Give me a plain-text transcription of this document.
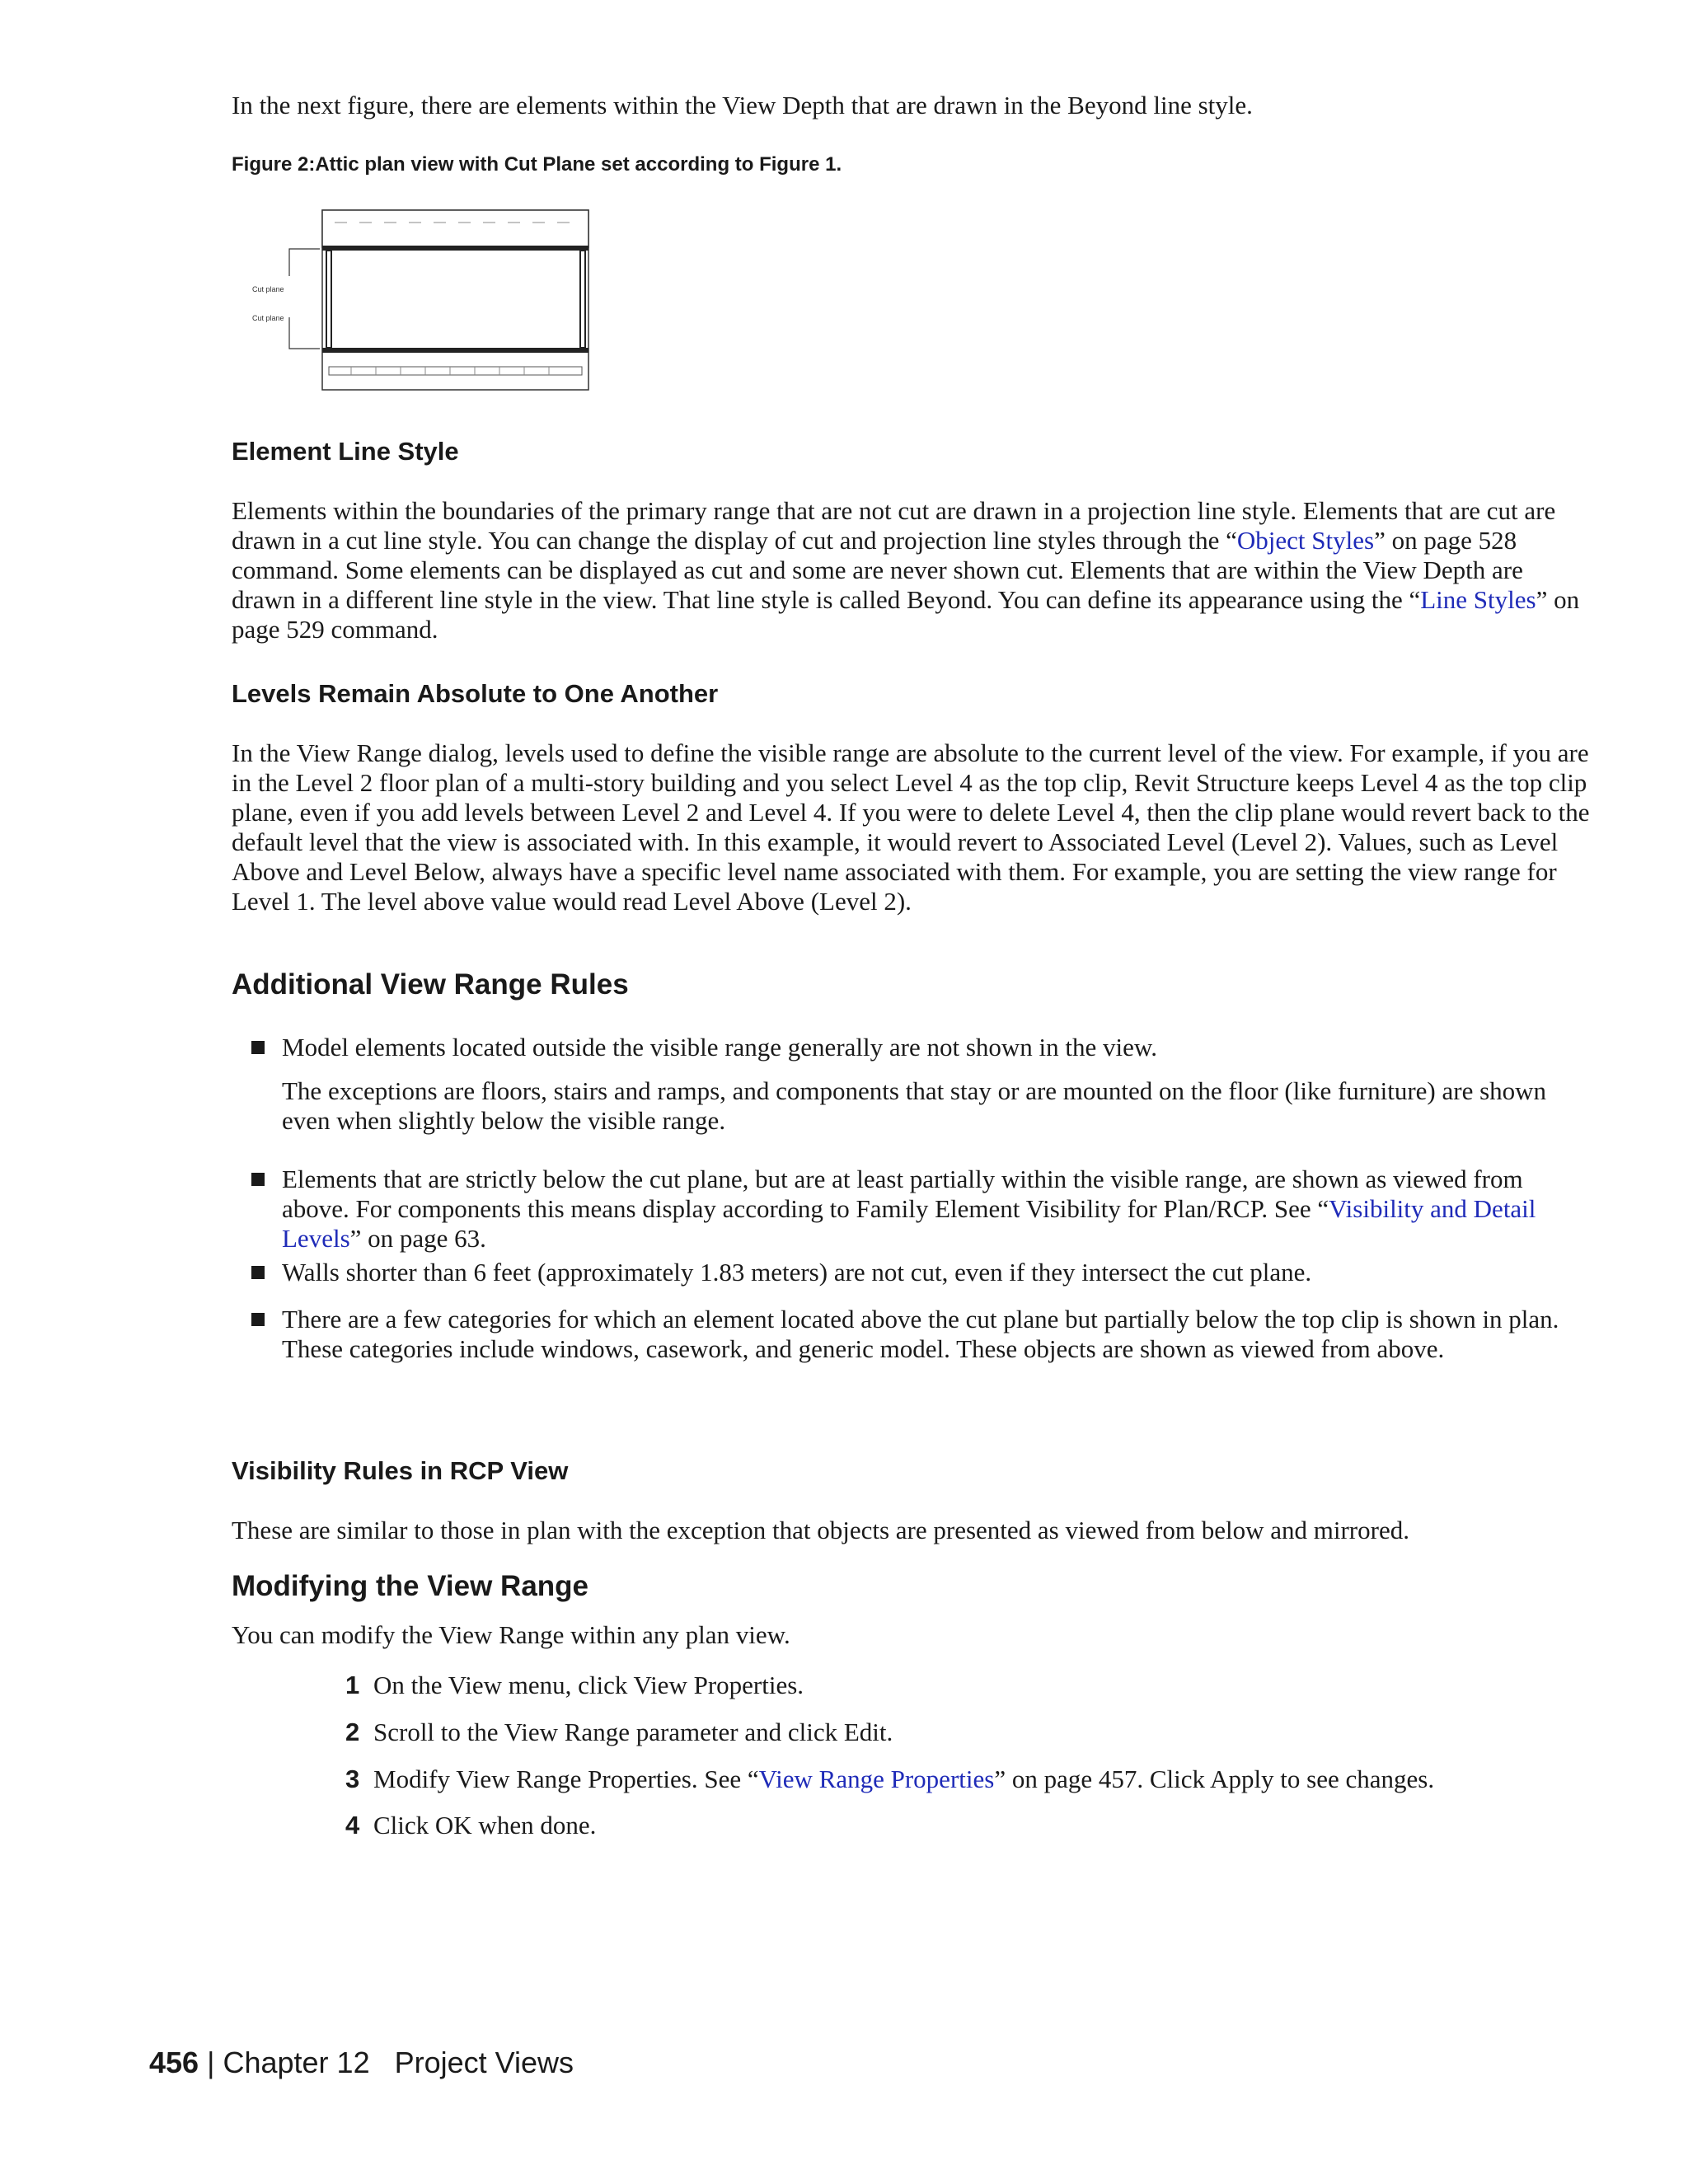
In the next figure, there are elements within the View Depth that are drawn in the Beyond line style.

Figure 2:Attic plan view with Cut Plane set according to Figure 1.

Cut plane
Cut plane
Element Line Style

Elements within the boundaries of the primary range that are not cut are drawn in a projection line style. Elements that are cut are drawn in a cut line style. You can change the display of cut and projection line styles through the “Object Styles” on page 528 command. Some elements can be displayed as cut and some are never shown cut. Elements that are within the View Depth are drawn in a different line style in the view. That line style is called Beyond. You can define its appearance using the “Line Styles” on page 529 command.

Levels Remain Absolute to One Another

In the View Range dialog, levels used to define the visible range are absolute to the current level of the view. For example, if you are in the Level 2 floor plan of a multi-story building and you select Level 4 as the top clip, Revit Structure keeps Level 4 as the top clip plane, even if you add levels between Level 2 and Level 4. If you were to delete Level 4, then the clip plane would revert back to the default level that the view is associated with. In this example, it would revert to Associated Level (Level 2). Values, such as Level Above and Level Below, always have a specific level name associated with them. For example, you are setting the view range for Level 1. The level above value would read Level Above (Level 2).

Additional View Range Rules
Model elements located outside the visible range generally are not shown in the view.
The exceptions are floors, stairs and ramps, and components that stay or are mounted on the floor (like furniture) are shown even when slightly below the visible range.
Elements that are strictly below the cut plane, but are at least partially within the visible range, are shown as viewed from above. For components this means display according to Family Element Visibility for Plan/RCP. See “Visibility and Detail Levels” on page 63.
Walls shorter than 6 feet (approximately 1.83 meters) are not cut, even if they intersect the cut plane.
There are a few categories for which an element located above the cut plane but partially below the top clip is shown in plan. These categories include windows, casework, and generic model. These objects are shown as viewed from above.
Visibility Rules in RCP View

These are similar to those in plan with the exception that objects are presented as viewed from below and mirrored.

Modifying the View Range

You can modify the View Range within any plan view.

1 On the View menu, click View Properties.
2 Scroll to the View Range parameter and click Edit.
3 Modify View Range Properties. See “View Range Properties” on page 457. Click Apply to see changes.
4 Click OK when done.
456 | Chapter 12 Project Views
